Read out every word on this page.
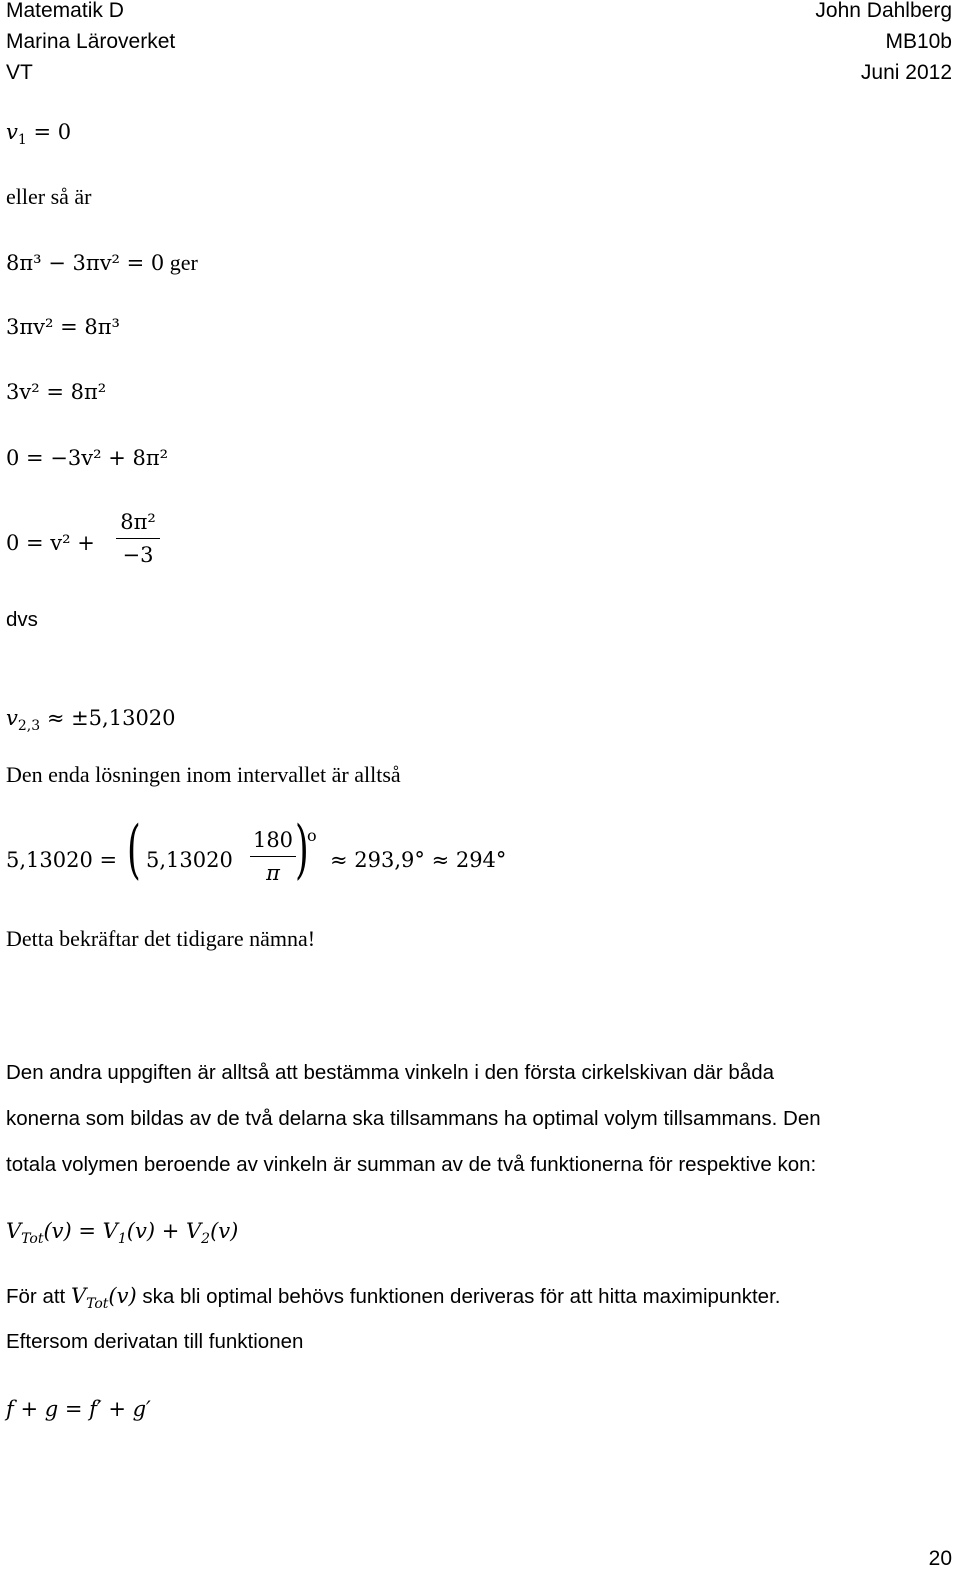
Matematik D
Marina Läroverket
VT
John Dahlberg
MB10b
Juni 2012
$v_1 = 0$
eller så är
8π³ − 3πv² = 0 ger
3πv² = 8π³
3v² = 8π²
0 = −3v² + 8π²
0 = v² +
8π²
−3
dvs
$v_{2,3} \approx \pm 5,13020$
Den enda lösningen inom intervallet är alltså
5,13020 = ( 5,13020
180
π )
o
≈ 293,9° ≈ 294°
Detta bekräftar det tidigare nämna!
Den andra uppgiften är alltså att bestämma vinkeln i den första cirkelskivan där båda
konerna som bildas av de två delarna ska tillsammans ha optimal volym tillsammans. Den
totala volymen beroende av vinkeln är summan av de två funktionerna för respektive kon:
$V_{Tot}(v) = V_1(v) + V_2(v)$
För att $V_{Tot}(v)$ ska bli optimal behövs funktionen deriveras för att hitta maximipunkter.
Eftersom derivatan till funktionen
f + g = f′ + g′
20
